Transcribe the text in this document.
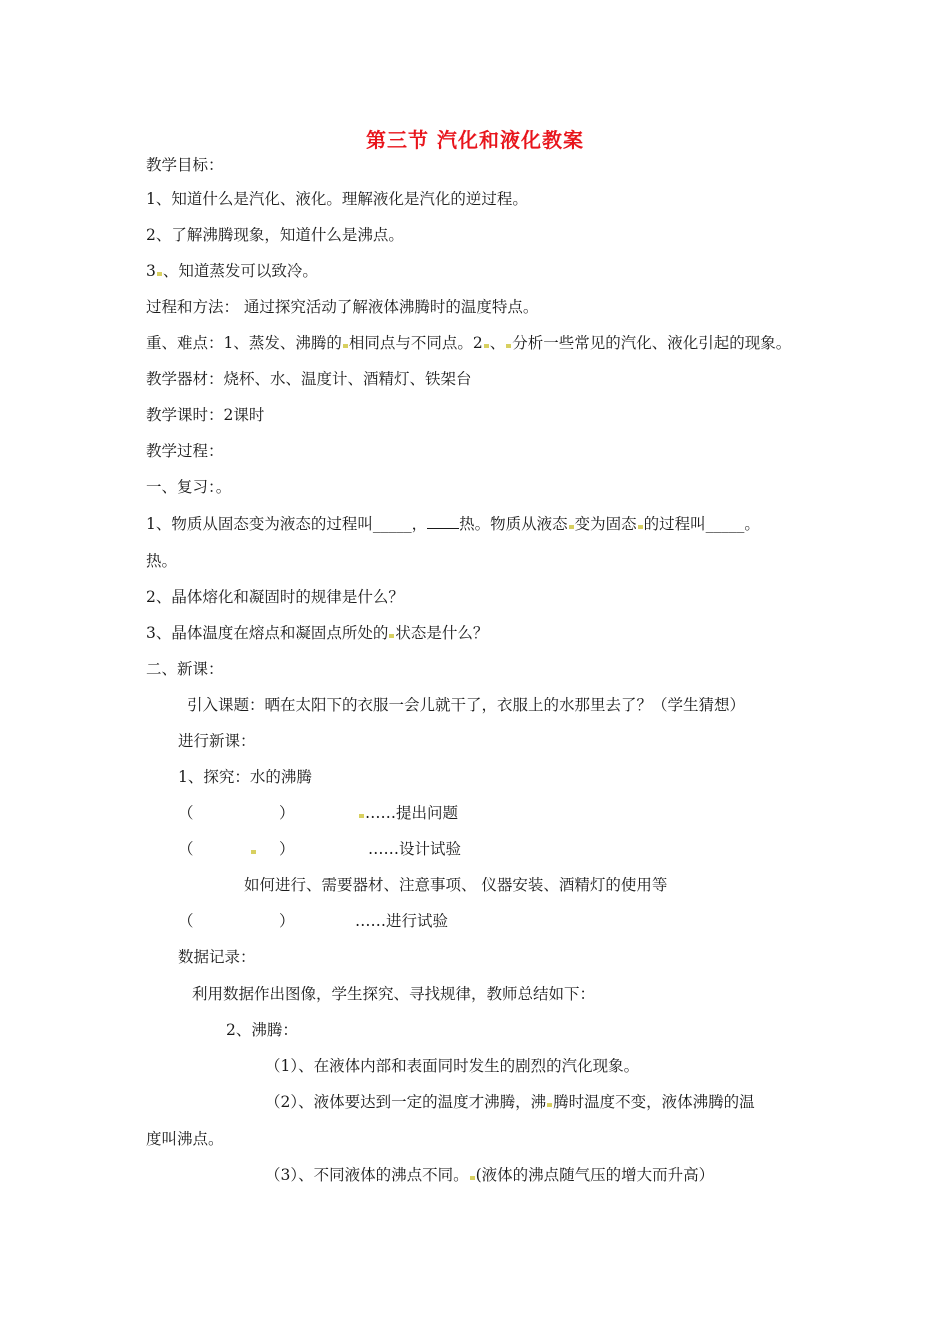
第三节 汽化和液化教案
教学目标：
1、知道什么是汽化、液化。理解液化是汽化的逆过程。
2、了解沸腾现象，知道什么是沸点。
3 、知道蒸发可以致冷。
过程和方法： 通过探究活动了解液体沸腾时的温度特点。
重、难点：1、蒸发、沸腾的 相同点与不同点。2 、 分析一些常见的汽化、液化引起的现象。
教学器材：烧杯、水、温度计、酒精灯、铁架台
教学课时：2课时
教学过程：
一、复习：。
1、物质从固态变为液态的过程叫_____， 热。物质从液态 变为固态 的过程叫_____。
热。
2、晶体熔化和凝固时的规律是什么？
3、晶体温度在熔点和凝固点所处的 状态是什么？
二、新课：
引入课题：晒在太阳下的衣服一会儿就干了，衣服上的水那里去了？（学生猜想）
进行新课：
1、探究：水的沸腾
（	）	……提出问题
（	）	……设计试验
如何进行、需要器材、注意事项、 仪器安装、酒精灯的使用等
（	）	……进行试验
数据记录：
利用数据作出图像，学生探究、寻找规律，教师总结如下：
2、沸腾：
（1）、在液体内部和表面同时发生的剧烈的汽化现象。
（2）、液体要达到一定的温度才沸腾，沸 腾时温度不变，液体沸腾的温
度叫沸点。
（3）、不同液体的沸点不同。 (液体的沸点随气压的增大而升高）
